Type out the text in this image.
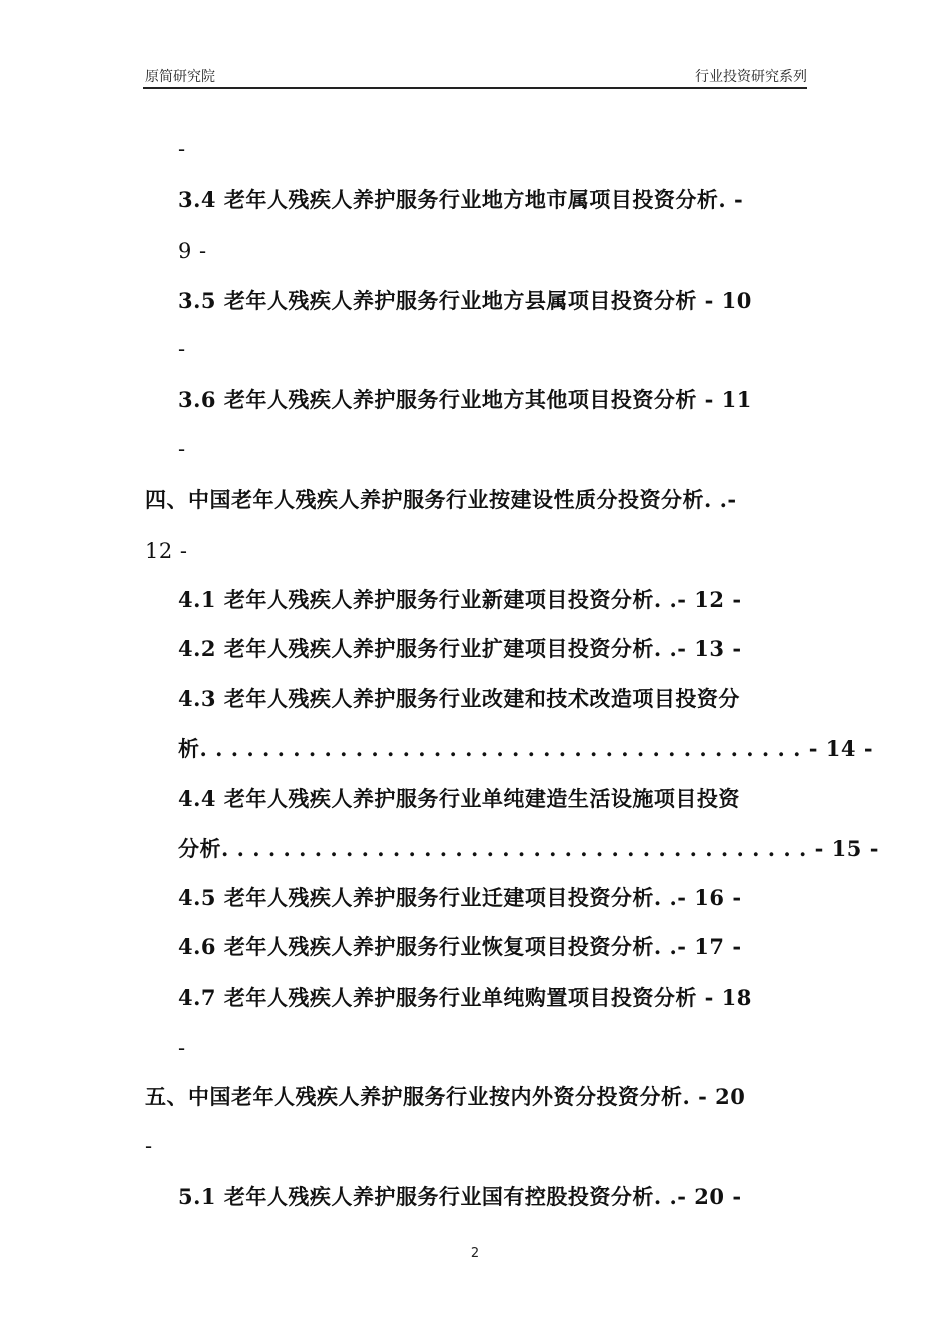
原简研究院	行业投资研究系列
-
3.4 老年人残疾人养护服务行业地方地市属项目投资分析. -
9 -
3.5 老年人残疾人养护服务行业地方县属项目投资分析 - 10
-
3.6 老年人残疾人养护服务行业地方其他项目投资分析 - 11
-
四、中国老年人残疾人养护服务行业按建设性质分投资分析. .-
12 -
4.1 老年人残疾人养护服务行业新建项目投资分析. .- 12 -
4.2 老年人残疾人养护服务行业扩建项目投资分析. .- 13 -
4.3 老年人残疾人养护服务行业改建和技术改造项目投资分
析. . . . . . . . . . . . . . . . . . . . . . . . . . . . . . . . . . . . . . . - 14 -
4.4 老年人残疾人养护服务行业单纯建造生活设施项目投资
分析. . . . . . . . . . . . . . . . . . . . . . . . . . . . . . . . . . . . . . - 15 -
4.5 老年人残疾人养护服务行业迁建项目投资分析. .- 16 -
4.6 老年人残疾人养护服务行业恢复项目投资分析. .- 17 -
4.7 老年人残疾人养护服务行业单纯购置项目投资分析 - 18
-
五、中国老年人残疾人养护服务行业按内外资分投资分析. - 20
-
5.1 老年人残疾人养护服务行业国有控股投资分析. .- 20 -
2
